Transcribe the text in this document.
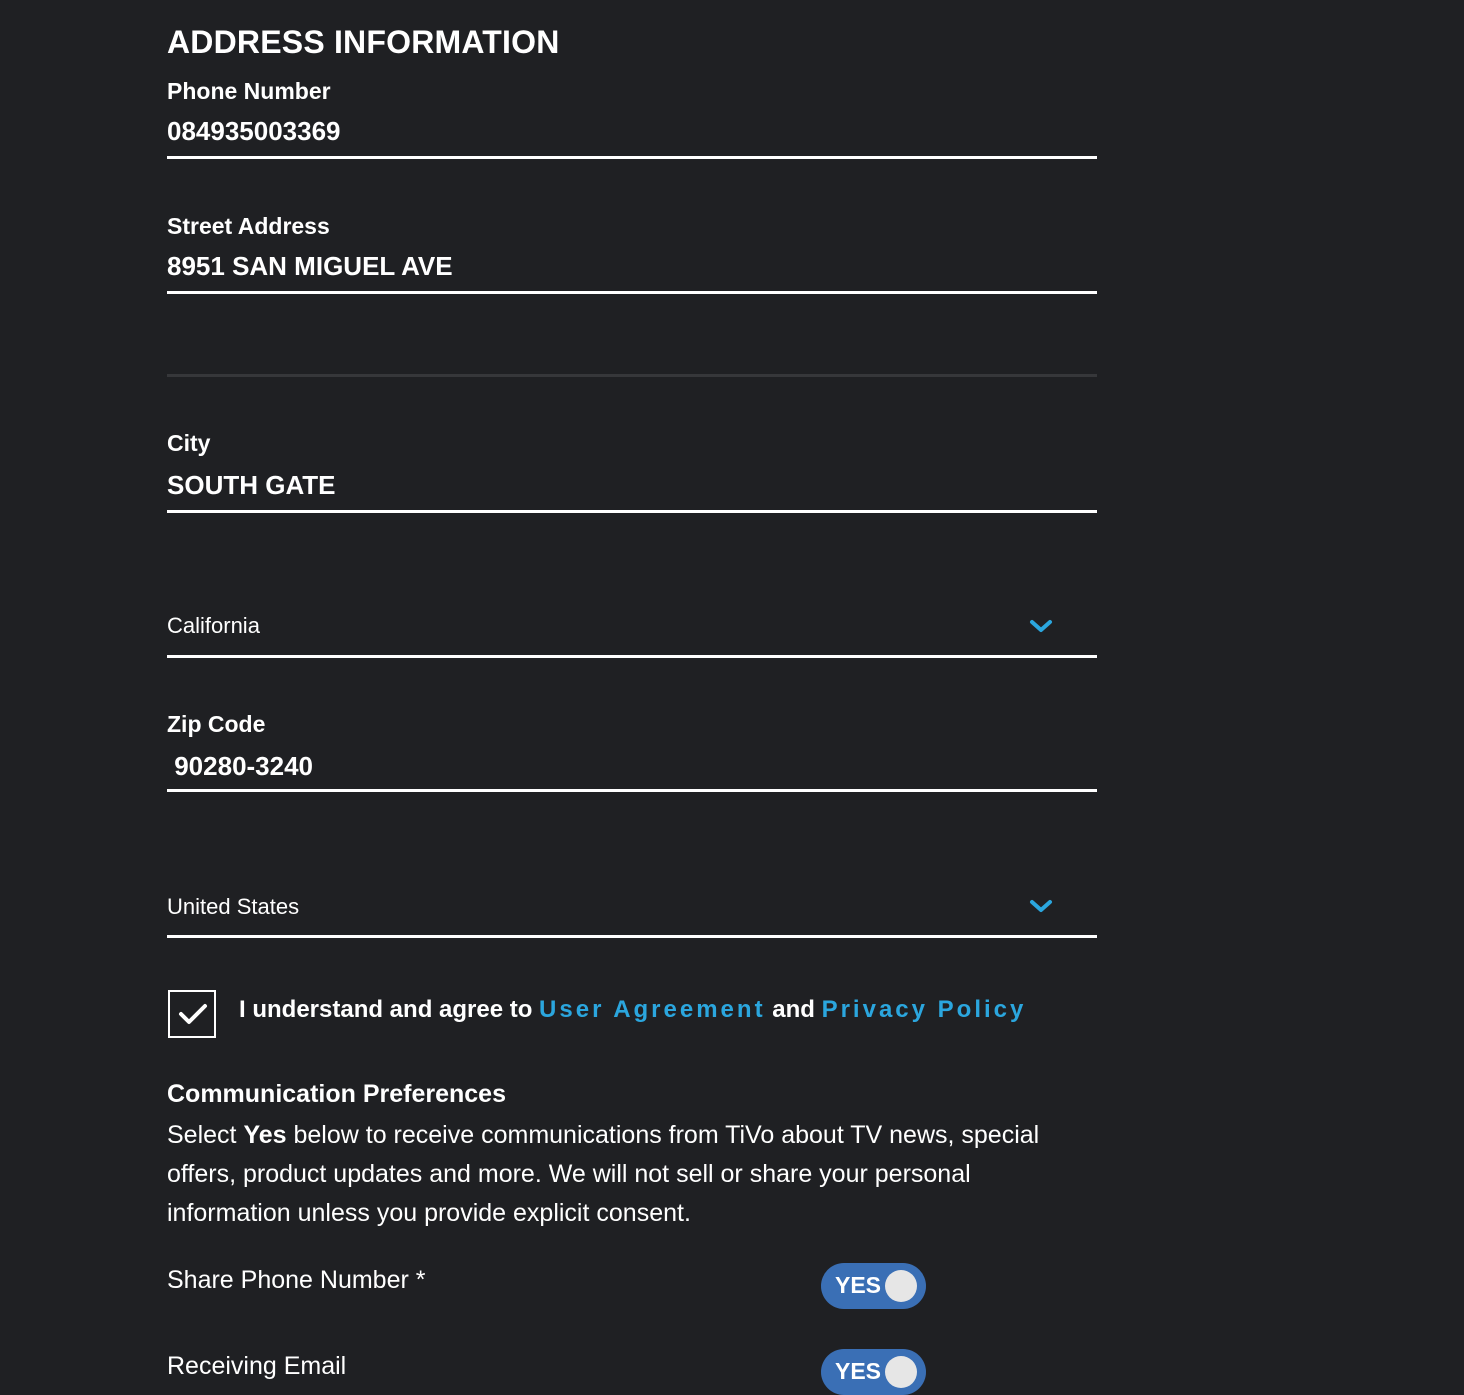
ADDRESS INFORMATION
Phone Number
084935003369
Street Address
8951 SAN MIGUEL AVE
City
SOUTH GATE
California
Zip Code
90280-3240
United States
I understand and agree to User Agreement and Privacy Policy
Communication Preferences

Select Yes below to receive communications from TiVo about TV news, special offers, product updates and more. We will not sell or share your personal information unless you provide explicit consent.

Share Phone Number *	YES
Receiving Email	YES
